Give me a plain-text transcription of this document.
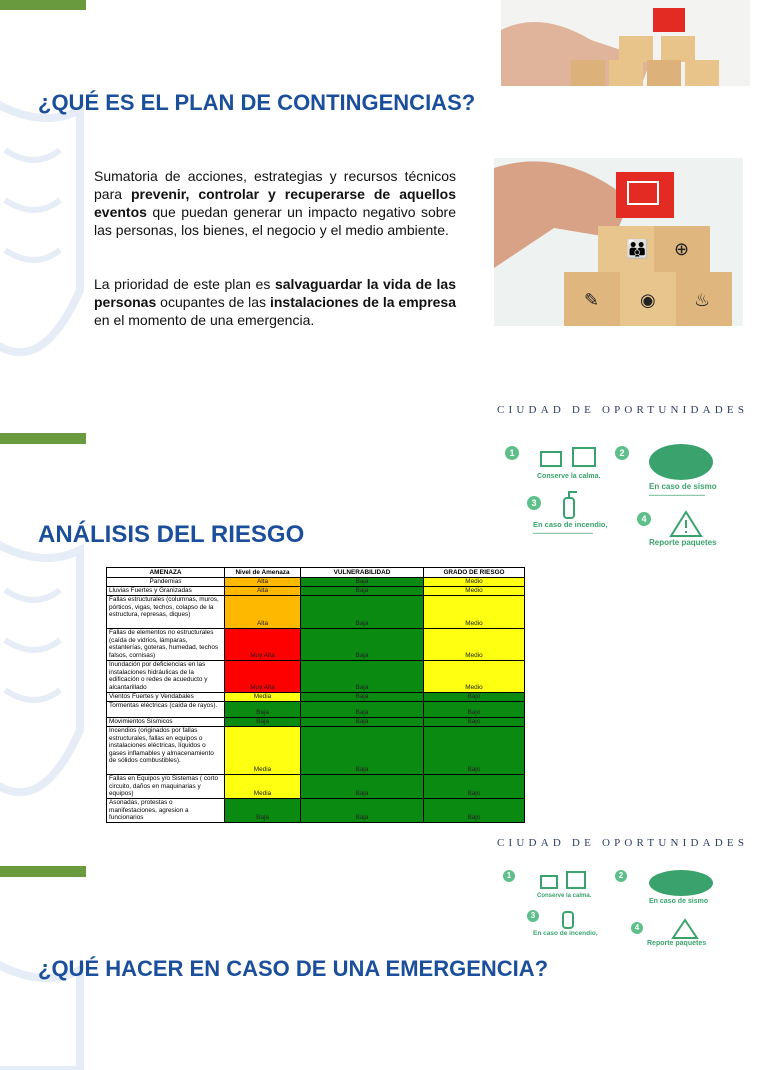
¿QUÉ ES EL PLAN DE CONTINGENCIAS?
Sumatoria de acciones, estrategias y recursos técnicos para prevenir, controlar y recuperarse de aquellos eventos que puedan generar un impacto negativo sobre las personas, los bienes, el negocio y el medio ambiente.
La prioridad de este plan es salvaguardar la vida de las personas ocupantes de las instalaciones de la empresa en el momento de una emergencia.
👪 ⊕
✎ ◉ ♨
CIUDAD DE OPORTUNIDADES
1
Conserve la calma.
2
En caso de sismo
▬▬▬▬▬▬▬▬▬▬▬▬▬▬
3
En caso de incendio,
▬▬▬▬▬▬▬▬▬▬▬▬▬▬▬
4
Reporte paquetes
ANÁLISIS DEL RIESGO
AMENAZA	Nivel de Amenaza	VULNERABILIDAD	GRADO DE RIESGO
Pandemias	Alta	Baja	Medio
Lluvias Fuertes y Granizadas	Alta	Baja	Medio
Fallas estructurales (columnas, muros, pórticos, vigas, techos, colapso de la estructura, represas, diques)	Alta	Baja	Medio
Fallas de elementos no estructurales (caída de vidrios, lámparas, estanterías, goteras, humedad, techos falsos, cornisas)	Muy Alta	Baja	Medio
Inundación por deficiencias en las instalaciones hidráulicas de la edificación o redes de acueducto y alcantarillado	Muy Alta	Baja	Medio
Vientos Fuertes y Vendabales	Media	Baja	Bajo
Tormentas eléctricas (caída de rayos).	Baja	Baja	Bajo
Movimientos Sísmicos	Baja	Baja	Bajo
Incendios (originados por fallas estructurales, fallas en equipos o instalaciones eléctricas, líquidos o gases inflamables y almacenamiento de sólidos combustibles).	Media	Baja	Bajo
Fallas en Equipos y/o Sistemas ( corto circuito, daños en maquinarias y equipos)	Media	Baja	Bajo
Asonadas, protestas o manifestaciones, agresion a funcionarios	Baja	Baja	Bajo
CIUDAD DE OPORTUNIDADES
1
Conserve la calma.
2
En caso de sismo
3
En caso de incendio,
4
Reporte paquetes
¿QUÉ HACER EN CASO DE UNA EMERGENCIA?
